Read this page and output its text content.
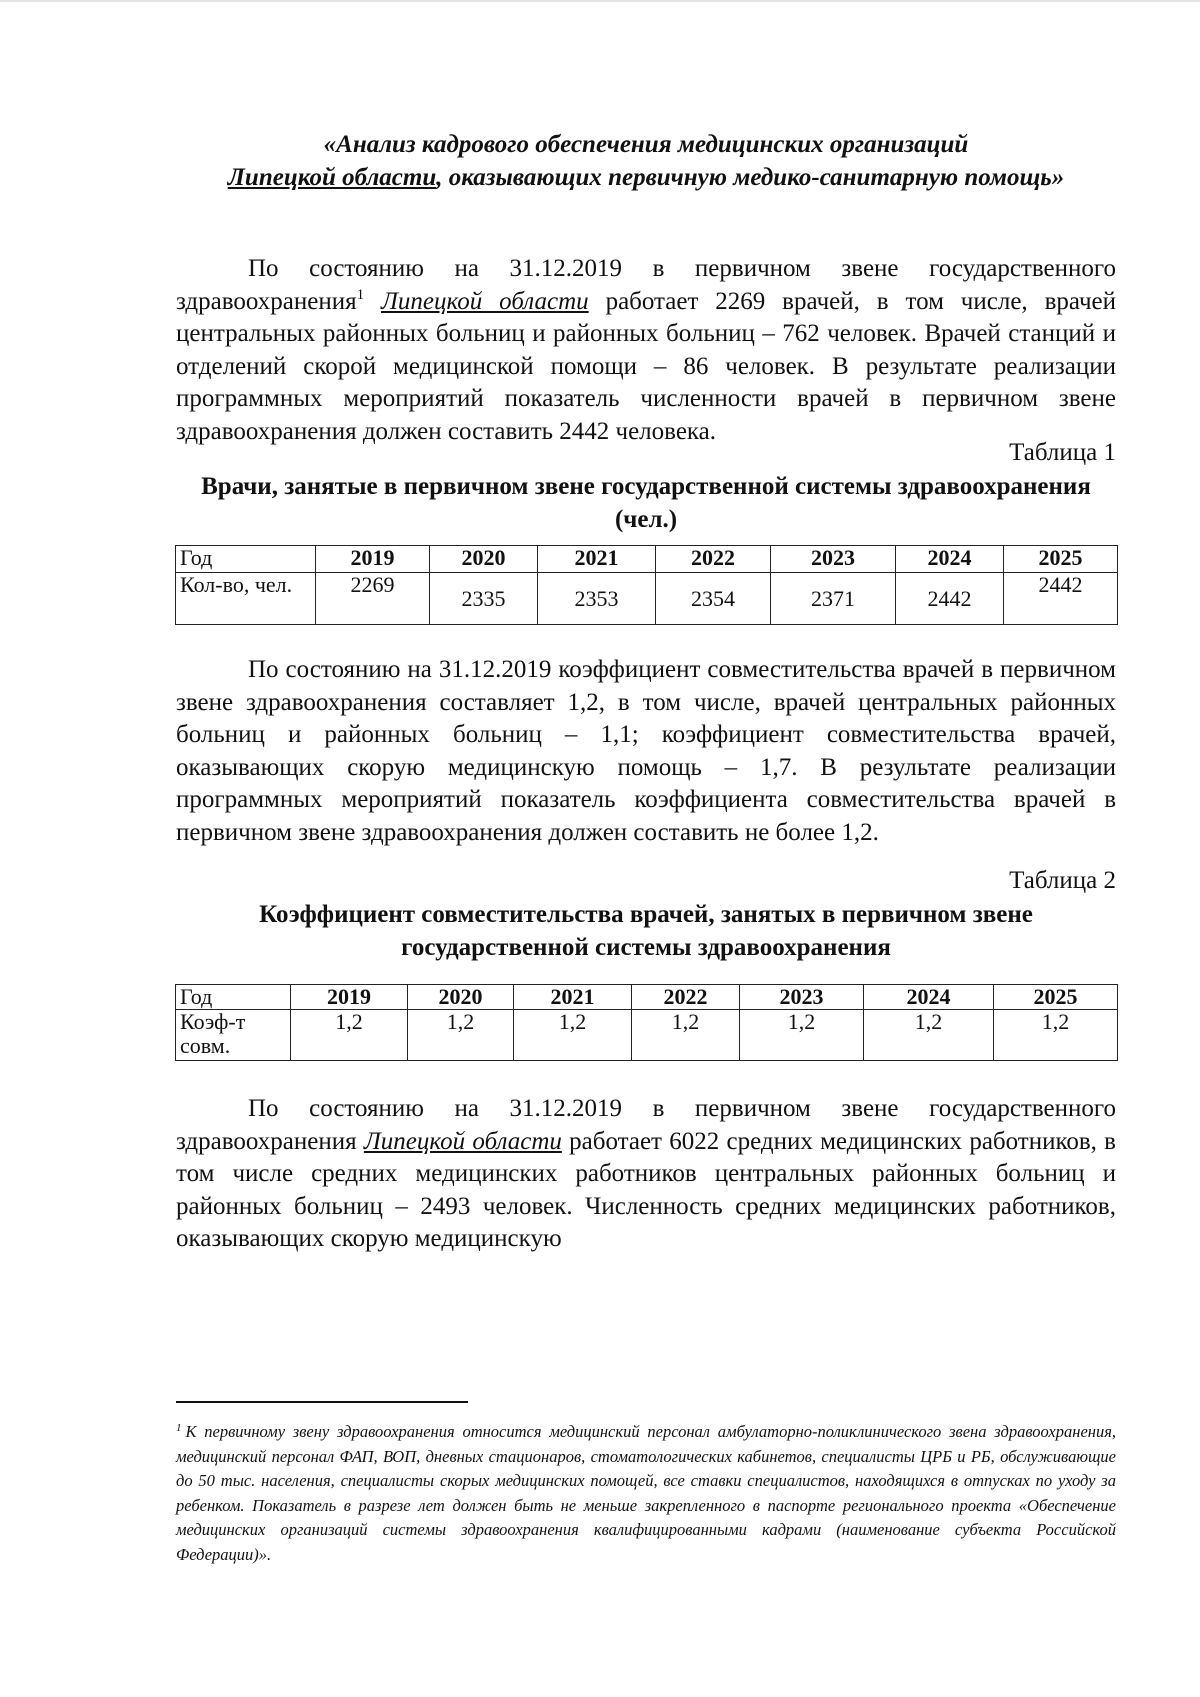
«Анализ кадрового обеспечения медицинских организаций
Липецкой области, оказывающих первичную медико-санитарную помощь»
По состоянию на 31.12.2019 в первичном звене государственного здравоохранения$^1$ Липецкой области работает 2269 врачей, в том числе, врачей центральных районных больниц и районных больниц – 762 человек. Врачей станций и отделений скорой медицинской помощи – 86 человек. В результате реализации программных мероприятий показатель численности врачей в первичном звене здравоохранения должен составить 2442 человека.
Таблица 1
Врачи, занятые в первичном звене государственной системы здравоохранения (чел.)
Год	2019	2020	2021	2022	2023	2024	2025
Кол-во, чел.	2269	2335	2353	2354	2371	2442	2442
По состоянию на 31.12.2019 коэффициент совместительства врачей в первичном звене здравоохранения составляет 1,2, в том числе, врачей центральных районных больниц и районных больниц – 1,1; коэффициент совместительства врачей, оказывающих скорую медицинскую помощь – 1,7. В результате реализации программных мероприятий показатель коэффициента совместительства врачей в первичном звене здравоохранения должен составить не более 1,2.
Таблица 2
Коэффициент совместительства врачей, занятых в первичном звене государственной системы здравоохранения
Год	2019	2020	2021	2022	2023	2024	2025
Коэф-т совм.	1,2	1,2	1,2	1,2	1,2	1,2	1,2
По состоянию на 31.12.2019 в первичном звене государственного здравоохранения Липецкой области работает 6022 средних медицинских работников, в том числе средних медицинских работников центральных районных больниц и районных больниц – 2493 человек. Численность средних медицинских работников, оказывающих скорую медицинскую
$^1$ К первичному звену здравоохранения относится медицинский персонал амбулаторно-поликлинического звена здравоохранения, медицинский персонал ФАП, ВОП, дневных стационаров, стоматологических кабинетов, специалисты ЦРБ и РБ, обслуживающие до 50 тыс. населения, специалисты скорых медицинских помощей, все ставки специалистов, находящихся в отпусках по уходу за ребенком. Показатель в разрезе лет должен быть не меньше закрепленного в паспорте регионального проекта «Обеспечение медицинских организаций системы здравоохранения квалифицированными кадрами (наименование субъекта Российской Федерации)».
